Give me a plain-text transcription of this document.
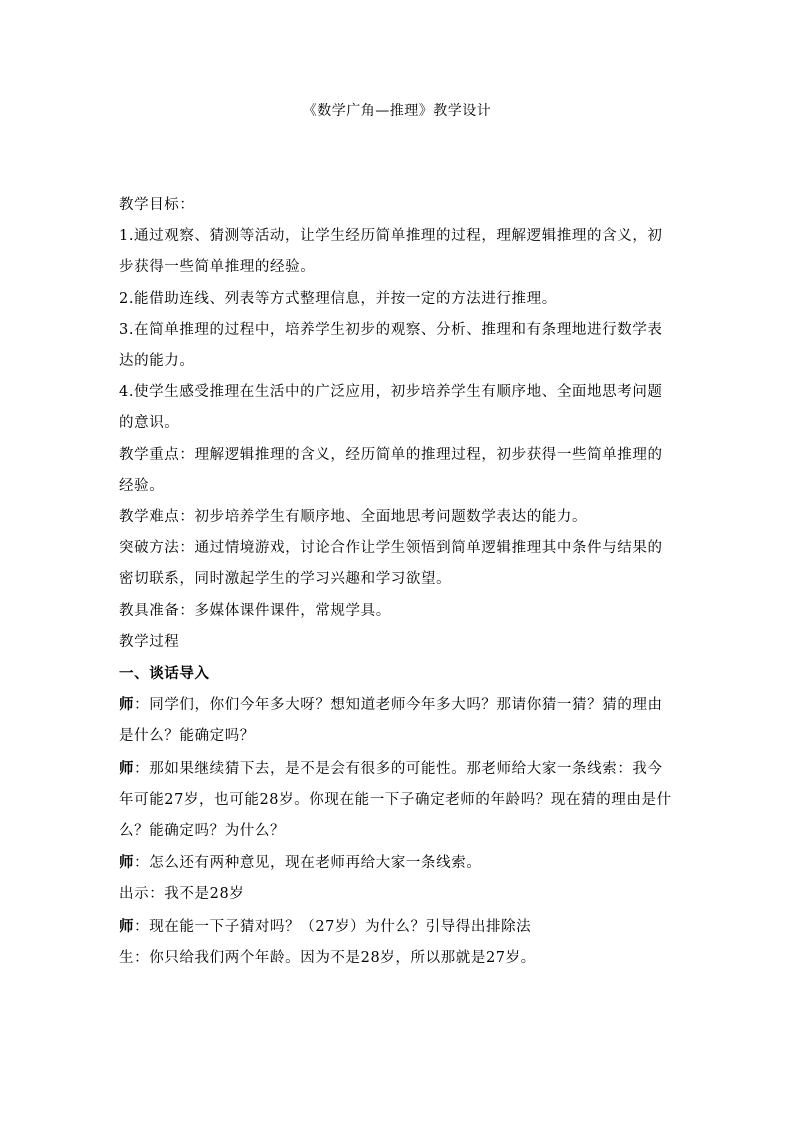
《数学广角—推理》教学设计

教学目标：

1.通过观察、猜测等活动，让学生经历简单推理的过程，理解逻辑推理的含义，初步获得一些简单推理的经验。

2.能借助连线、列表等方式整理信息，并按一定的方法进行推理。

3.在简单推理的过程中，培养学生初步的观察、分析、推理和有条理地进行数学表达的能力。

4.使学生感受推理在生活中的广泛应用，初步培养学生有顺序地、全面地思考问题的意识。

教学重点：理解逻辑推理的含义，经历简单的推理过程，初步获得一些简单推理的经验。

教学难点：初步培养学生有顺序地、全面地思考问题数学表达的能力。

突破方法：通过情境游戏，讨论合作让学生领悟到简单逻辑推理其中条件与结果的密切联系，同时激起学生的学习兴趣和学习欲望。

教具准备：多媒体课件课件，常规学具。

教学过程

一、谈话导入

师：同学们，你们今年多大呀？想知道老师今年多大吗？那请你猜一猜？猜的理由是什么？能确定吗？

师：那如果继续猜下去，是不是会有很多的可能性。那老师给大家一条线索：我今年可能27岁，也可能28岁。你现在能一下子确定老师的年龄吗？现在猜的理由是什么？能确定吗？为什么？

师：怎么还有两种意见，现在老师再给大家一条线索。

出示：我不是28岁

师：现在能一下子猜对吗？（27岁）为什么？引导得出排除法

生：你只给我们两个年龄。因为不是28岁，所以那就是27岁。
